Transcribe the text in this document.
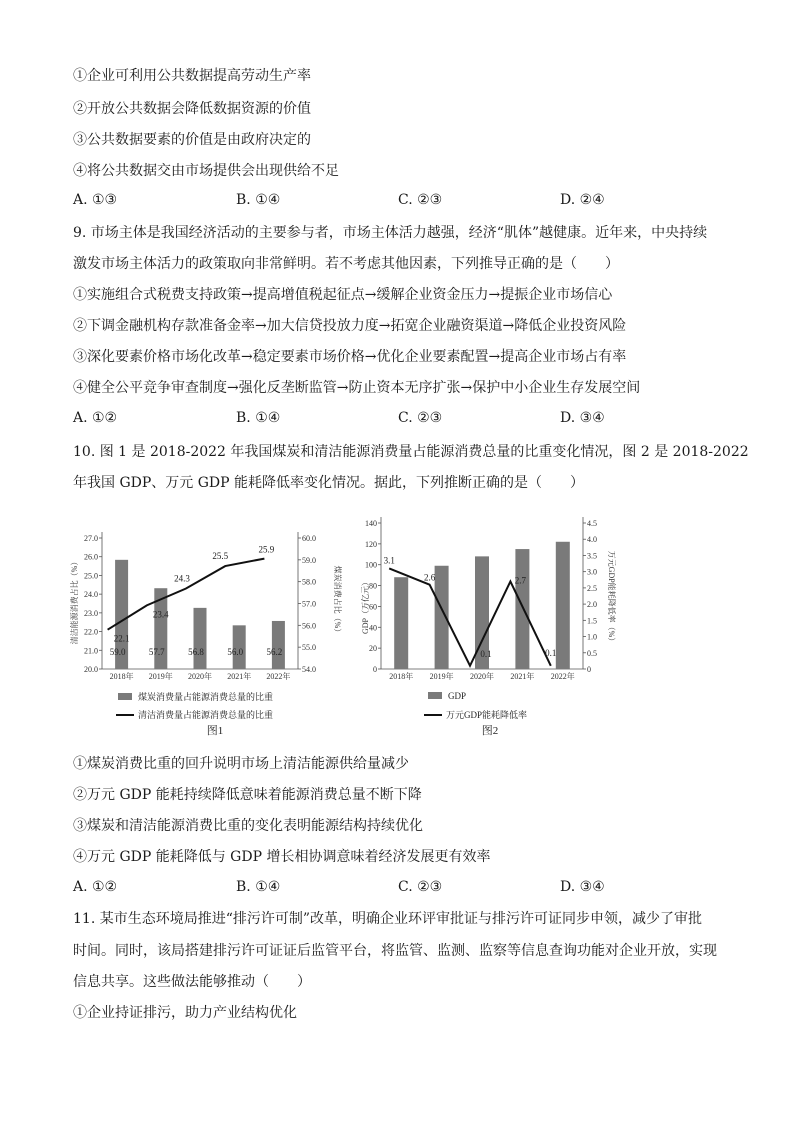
①企业可利用公共数据提高劳动生产率
②开放公共数据会降低数据资源的价值
③公共数据要素的价值是由政府决定的
④将公共数据交由市场提供会出现供给不足
A. ①③	B. ①④	C. ②③	D. ②④
9. 市场主体是我国经济活动的主要参与者，市场主体活力越强，经济“肌体”越健康。近年来，中央持续
激发市场主体活力的政策取向非常鲜明。若不考虑其他因素，下列推导正确的是（　　）
①实施组合式税费支持政策→提高增值税起征点→缓解企业资金压力→提振企业市场信心
②下调金融机构存款准备金率→加大信贷投放力度→拓宽企业融资渠道→降低企业投资风险
③深化要素价格市场化改革→稳定要素市场价格→优化企业要素配置→提高企业市场占有率
④健全公平竞争审查制度→强化反垄断监管→防止资本无序扩张→保护中小企业生存发展空间
A. ①②	B. ①④	C. ②③	D. ③④
10. 图 1 是 2018-2022 年我国煤炭和清洁能源消费量占能源消费总量的比重变化情况，图 2 是 2018-2022
年我国 GDP、万元 GDP 能耗降低率变化情况。据此，下列推断正确的是（　　）
20.0
21.0
22.0
23.0
24.0
25.0
26.0
27.0
54.0
55.0
56.0
57.0
58.0
59.0
60.0
59.0	57.7	56.8	56.0	56.2
2018年 2019年 2020年 2021年 2022年
22.1
23.4
24.3
25.5
25.9
清洁能源消费占比（%）	煤炭消费占比（%）
煤炭消费量占能源消费总量的比重
清洁消费量占能源消费总量的比重
图1
0
20
40
60
80
100
120
140
0
0.5
1.0
1.5
2.0
2.5
3.0
3.5
4.0
4.5
2018年 2019年 2020年 2021年 2022年
3.1
2.6
0.1
2.7
0.1
GDP（万亿元）	万元GDP能耗降低率（%）
GDP
万元GDP能耗降低率
图2
①煤炭消费比重的回升说明市场上清洁能源供给量减少
②万元 GDP 能耗持续降低意味着能源消费总量不断下降
③煤炭和清洁能源消费比重的变化表明能源结构持续优化
④万元 GDP 能耗降低与 GDP 增长相协调意味着经济发展更有效率
A. ①②	B. ①④	C. ②③	D. ③④
11. 某市生态环境局推进“排污许可制”改革，明确企业环评审批证与排污许可证同步申领，减少了审批
时间。同时，该局搭建排污许可证证后监管平台，将监管、监测、监察等信息查询功能对企业开放，实现
信息共享。这些做法能够推动（　　）
①企业持证排污，助力产业结构优化
